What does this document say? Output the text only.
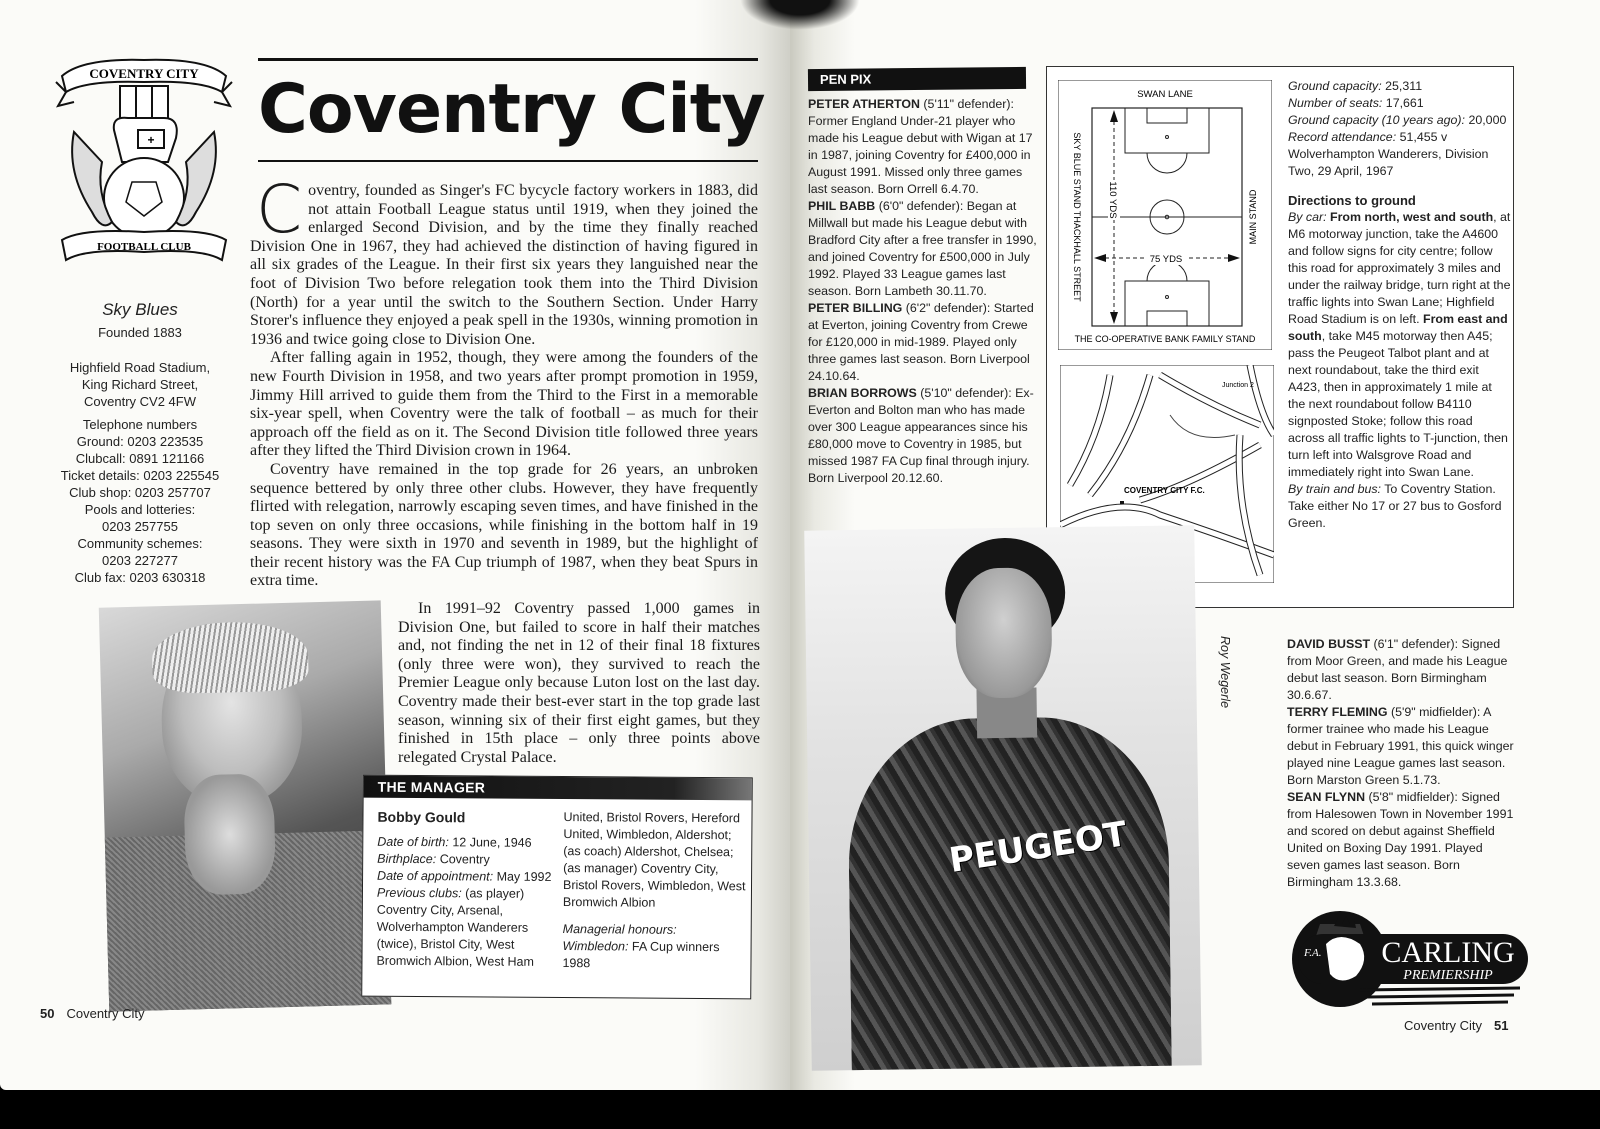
COVENTRY CITY
+
FOOTBALL CLUB
Sky Blues
Founded 1883
Highfield Road Stadium,
King Richard Street,
Coventry CV2 4FW
Telephone numbers
Ground: 0203 223535
Clubcall: 0891 121166
Ticket details: 0203 225545
Club shop: 0203 257707
Pools and lotteries:
0203 257755
Community schemes:
0203 227277
Club fax: 0203 630318
Coventry City

Coventry, founded as Singer's FC bycycle factory workers in 1883, did not attain Football League status until 1919, when they joined the enlarged Second Division, and by the time they finally reached Division One in 1967, they had achieved the distinction of having figured in all six grades of the League. In their first six years they languished near the foot of Division Two before relegation took them into the Third Division (North) for a year until the switch to the Southern Section. Under Harry Storer's influence they enjoyed a peak spell in the 1930s, winning promotion in 1936 and twice going close to Division One.

After falling again in 1952, though, they were among the founders of the new Fourth Division in 1958, and two years after prompt promotion in 1959, Jimmy Hill arrived to guide them from the Third to the First in a memorable six-year spell, when Coventry were the talk of football – as much for their approach off the field as on it. The Second Division title followed three years after they lifted the Third Division crown in 1964.

Coventry have remained in the top grade for 26 years, an unbroken sequence bettered by only three other clubs. However, they have frequently flirted with relegation, narrowly escaping seven times, and have finished in the top seven on only three occasions, while finishing in the bottom half in 19 seasons. They were sixth in 1970 and seventh in 1989, but the highlight of their recent history was the FA Cup triumph of 1987, when they beat Spurs in extra time.

In 1991–92 Coventry passed 1,000 games in Division One, but failed to score in half their matches and, not finding the net in 12 of their final 18 fixtures (only three were won), they survived to reach the Premier League only because Luton lost on the last day. Coventry made their best-ever start in the top grade last season, winning six of their first eight games, but they finished in 15th place – only three points above relegated Crystal Palace.

THE MANAGER
Bobby Gould
Date of birth: 12 June, 1946
Birthplace: Coventry
Date of appointment: May 1992
Previous clubs: (as player) Coventry City, Arsenal, Wolverhampton Wanderers (twice), Bristol City, West Bromwich Albion, West Ham
United, Bristol Rovers, Hereford United, Wimbledon, Aldershot; (as coach) Aldershot, Chelsea; (as manager) Coventry City, Bristol Rovers, Wimbledon, West Bromwich Albion
Managerial honours:
Wimbledon: FA Cup winners 1988
50 Coventry City
PEN PIX
PETER ATHERTON (5'11" defender): Former England Under-21 player who made his League debut with Wigan at 17 in 1987, joining Coventry for £400,000 in August 1991. Missed only three games last season. Born Orrell 6.4.70.
PHIL BABB (6'0" defender): Began at Millwall but made his League debut with Bradford City after a free transfer in 1990, and joined Coventry for £500,000 in July 1992. Played 33 League games last season. Born Lambeth 30.11.70.
PETER BILLING (6'2" defender): Started at Everton, joining Coventry from Crewe for £120,000 in mid-1989. Played only three games last season. Born Liverpool 24.10.64.
BRIAN BORROWS (5'10" defender): Ex-Everton and Bolton man who has made over 300 League appearances since his £80,000 move to Coventry in 1985, but missed 1987 FA Cup final through injury. Born Liverpool 20.12.60.
SWAN LANE
75 YDS
110 YDS
SKY BLUE STAND THACKHALL STREET	MAIN STAND
THE CO-OPERATIVE BANK FAMILY STAND
COVENTRY CITY F.C.
Junction 2
Ground capacity: 25,311
Number of seats: 17,661
Ground capacity (10 years ago): 20,000
Record attendance: 51,455 v Wolverhampton Wanderers, Division Two, 29 April, 1967
Directions to ground
By car: From north, west and south, at M6 motorway junction, take the A4600 and follow signs for city centre; follow this road for approximately 3 miles and under the railway bridge, turn right at the traffic lights into Swan Lane; Highfield Road Stadium is on left. From east and south, take M45 motorway then A45; pass the Peugeot Talbot plant and at next roundabout, take the third exit A423, then in approximately 1 mile at the next roundabout follow B4110 signposted Stoke; follow this road across all traffic lights to T-junction, then turn left into Walsgrove Road and immediately right into Swan Lane.
By train and bus: To Coventry Station. Take either No 17 or 27 bus to Gosford Green.
PEUGEOT
Roy Wegerle	DAVID BUSST (6'1" defender): Signed from Moor Green, and made his League debut last season. Born Birmingham 30.6.67.
TERRY FLEMING (5'9" midfielder): A former trainee who made his League debut in February 1991, this quick winger played nine League games last season. Born Marston Green 5.1.73.
SEAN FLYNN (5'8" midfielder): Signed from Halesowen Town in November 1991 and scored on debut against Sheffield United on Boxing Day 1991. Played seven games last season. Born Birmingham 13.3.68.
F.A. CARLING
PREMIERSHIP
Coventry City 51
